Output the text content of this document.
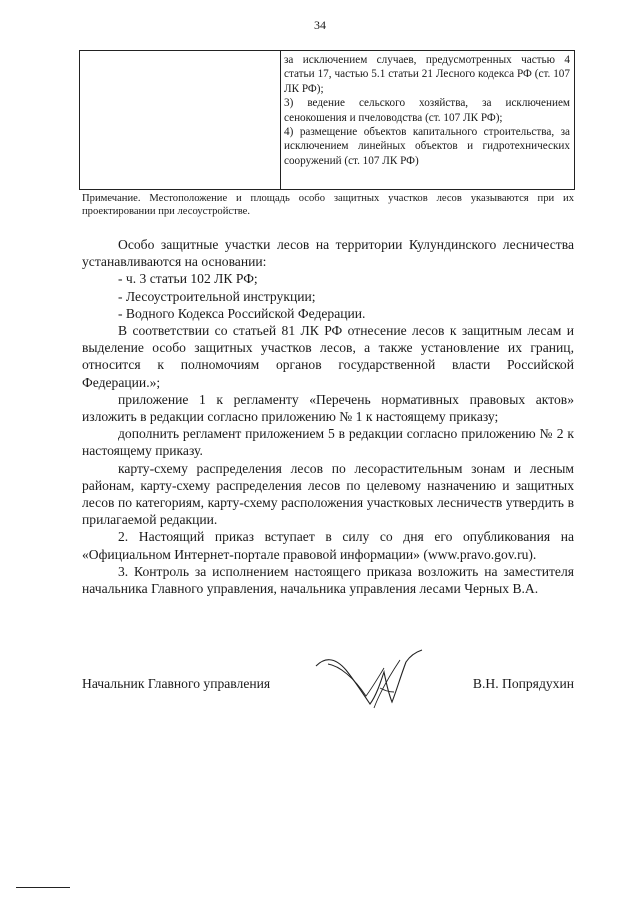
34

за исключением случаев, предусмотренных частью 4 статьи 17, частью 5.1 статьи 21 Лесного кодекса РФ (ст. 107 ЛК РФ);

3) ведение сельского хозяйства, за исключением сенокошения и пчеловодства (ст. 107 ЛК РФ);

4) размещение объектов капитального строительства, за исключением линейных объектов и гидротехнических сооружений (ст. 107 ЛК РФ)

Примечание. Местоположение и площадь особо защитных участков лесов указываются при их проектировании при лесоустройстве.

Особо защитные участки лесов на территории Кулундинского лесничества устанавливаются на основании:

- ч. 3 статьи 102 ЛК РФ;

- Лесоустроительной инструкции;

- Водного Кодекса Российской Федерации.

В соответствии со статьей 81 ЛК РФ отнесение лесов к защитным лесам и выделение особо защитных участков лесов, а также установление их границ, относится к полномочиям органов государственной власти Российской Федерации.»;

приложение 1 к регламенту «Перечень нормативных правовых актов» изложить в редакции согласно приложению № 1 к настоящему приказу;

дополнить регламент приложением 5 в редакции согласно приложению № 2 к настоящему приказу.

карту-схему распределения лесов по лесорастительным зонам и лесным районам, карту-схему распределения лесов по целевому назначению и защитных лесов по категориям, карту-схему расположения участковых лесничеств утвердить в прилагаемой редакции.

2. Настоящий приказ вступает в силу со дня его опубликования на «Официальном Интернет-портале правовой информации» (www.pravo.gov.ru).

3. Контроль за исполнением настоящего приказа возложить на заместителя начальника Главного управления, начальника управления лесами Черных В.А.

Начальник Главного управления	В.Н. Попрядухин
